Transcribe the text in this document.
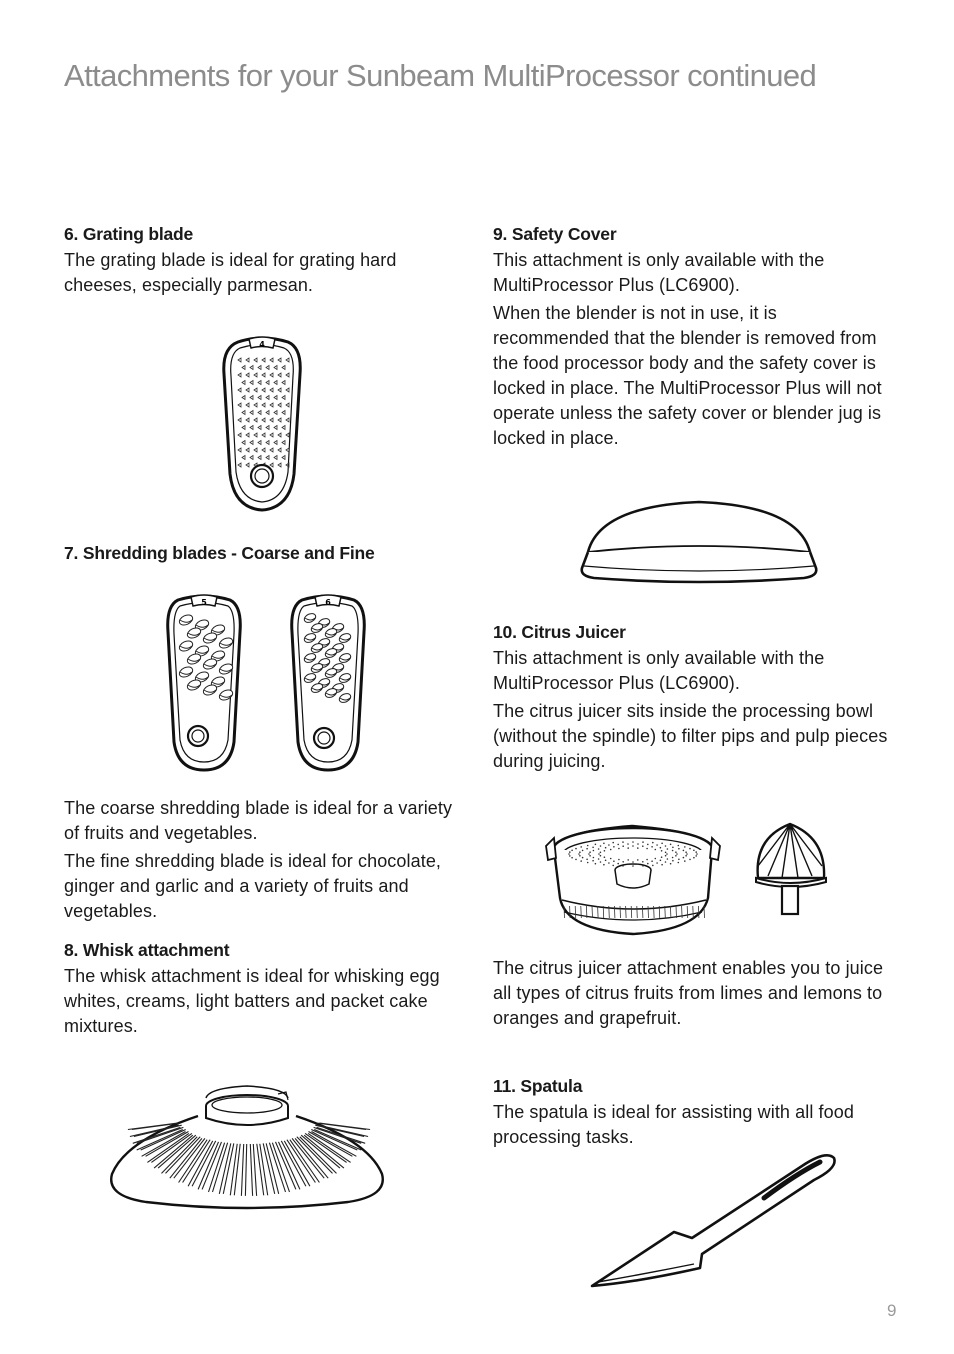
Attachments for your Sunbeam MultiProcessor continued
6. Grating blade

The grating blade is ideal for grating hard cheeses, especially parmesan.

4
7. Shredding blades - Coarse and Fine
5	6

The coarse shredding blade is ideal for a variety of fruits and vegetables.

The fine shredding blade is ideal for chocolate, ginger and garlic and a variety of fruits and vegetables.

8. Whisk attachment

The whisk attachment is ideal for whisking egg whites, creams, light batters and packet cake mixtures.

9. Safety Cover

This attachment is only available with the MultiProcessor Plus (LC6900).

When the blender is not in use, it is recommended that the blender is removed from the food processor body and the safety cover is locked in place. The MultiProcessor Plus will not operate unless the safety cover or blender jug is locked in place.

10. Citrus Juicer

This attachment is only available with the MultiProcessor Plus (LC6900).

The citrus juicer sits inside the processing bowl (without the spindle) to filter pips and pulp pieces during juicing.

The citrus juicer attachment enables you to juice all types of citrus fruits from limes and lemons to oranges and grapefruit.

11. Spatula

The spatula is ideal for assisting with all food processing tasks.

9
